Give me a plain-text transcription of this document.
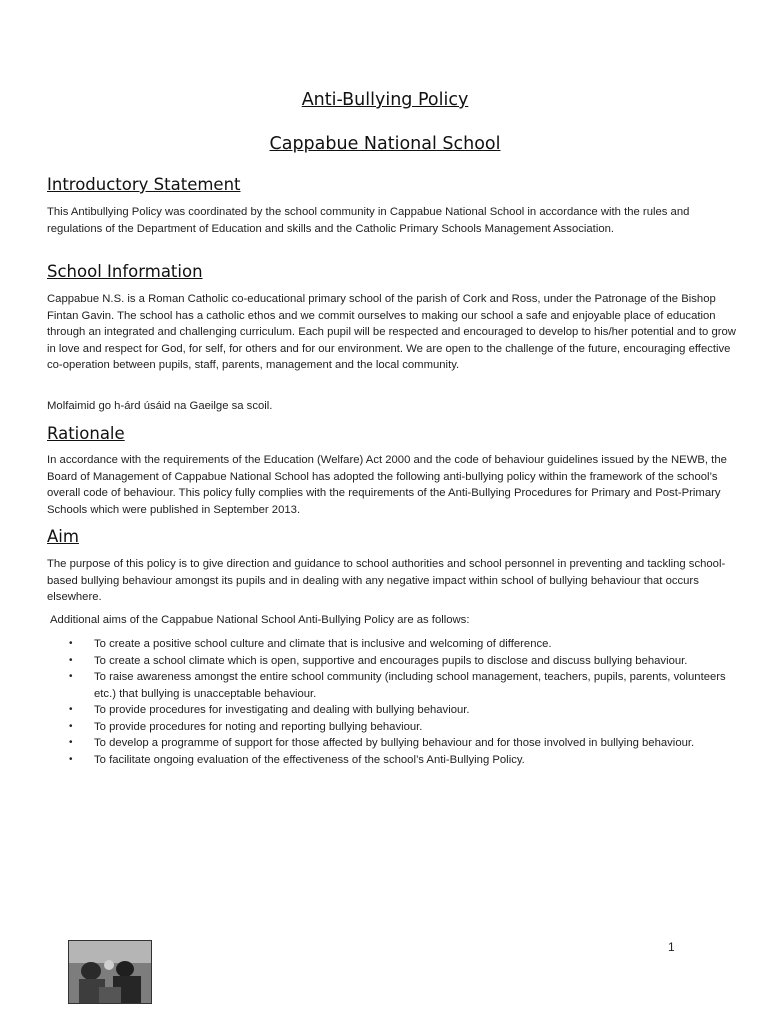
Anti-Bullying Policy
Cappabue National School
Introductory Statement

This Antibullying Policy was coordinated by the school community in Cappabue National School in accordance with the rules and regulations of the Department of Education and skills and the Catholic Primary Schools Management Association.

School Information

Cappabue N.S. is a Roman Catholic co-educational primary school of the parish of Cork and Ross, under the Patronage of the Bishop Fintan Gavin. The school has a catholic ethos and we commit ourselves to making our school a safe and enjoyable place of education through an integrated and challenging curriculum. Each pupil will be respected and encouraged to develop to his/her potential and to grow in love and respect for God, for self, for others and for our environment. We are open to the challenge of the future, encouraging effective co-operation between pupils, staff, parents, management and the local community.

Molfaimid go h-árd úsáid na Gaeilge sa scoil.

Rationale

In accordance with the requirements of the Education (Welfare) Act 2000 and the code of behaviour guidelines issued by the NEWB, the Board of Management of Cappabue National School has adopted the following anti-bullying policy within the framework of the school’s overall code of behaviour. This policy fully complies with the requirements of the Anti-Bullying Procedures for Primary and Post-Primary Schools which were published in September 2013.

Aim

The purpose of this policy is to give direction and guidance to school authorities and school personnel in preventing and tackling school-based bullying behaviour amongst its pupils and in dealing with any negative impact within school of bullying behaviour that occurs elsewhere.

Additional aims of the Cappabue National School Anti-Bullying Policy are as follows:

• To create a positive school culture and climate that is inclusive and welcoming of difference.
• To create a school climate which is open, supportive and encourages pupils to disclose and discuss bullying behaviour.
• To raise awareness amongst the entire school community (including school management, teachers, pupils, parents, volunteers etc.) that bullying is unacceptable behaviour.
• To provide procedures for investigating and dealing with bullying behaviour.
• To provide procedures for noting and reporting bullying behaviour.
• To develop a programme of support for those affected by bullying behaviour and for those involved in bullying behaviour.
• To facilitate ongoing evaluation of the effectiveness of the school’s Anti-Bullying Policy.
1
